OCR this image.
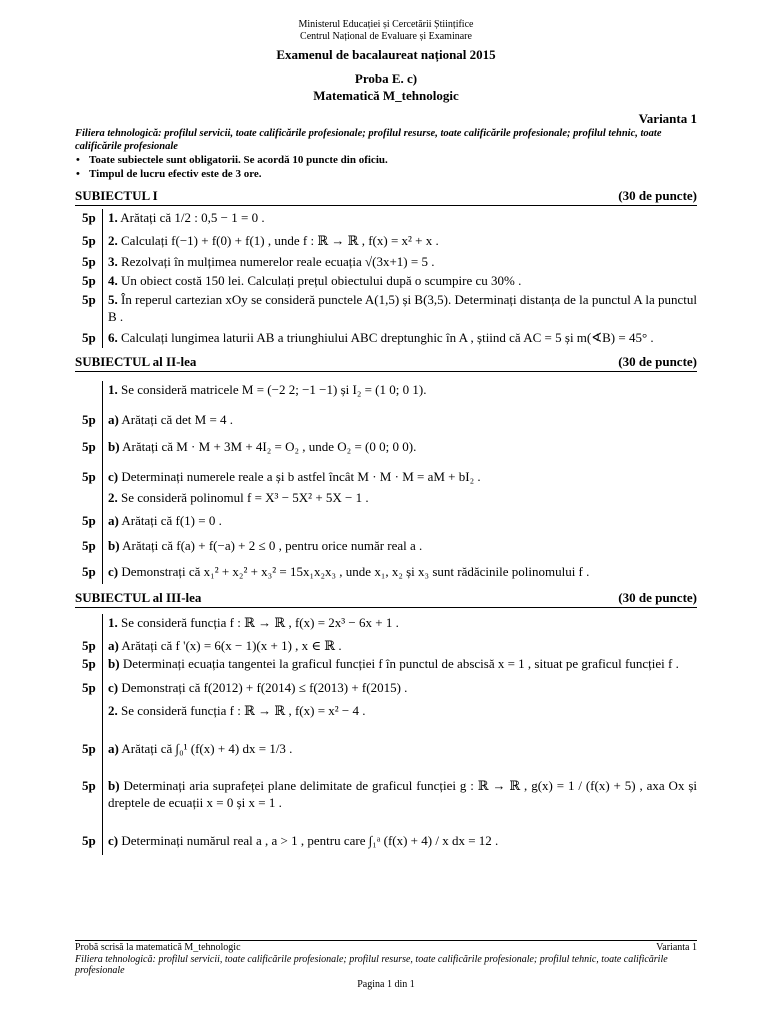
Ministerul Educației și Cercetării Științifice
Centrul Național de Evaluare și Examinare
Examenul de bacalaureat național 2015
Proba E. c)
Matematică M_tehnologic
Varianta 1
Filiera tehnologică: profilul servicii, toate calificările profesionale; profilul resurse, toate calificările profesionale; profilul tehnic, toate calificările profesionale
• Toate subiectele sunt obligatorii. Se acordă 10 puncte din oficiu.
• Timpul de lucru efectiv este de 3 ore.
SUBIECTUL I	(30 de puncte)
5p 1. Arătați că 1/2 : 0,5 − 1 = 0 .
5p 2. Calculați f(−1) + f(0) + f(1) , unde f : ℝ → ℝ , f(x) = x² + x .
5p 3. Rezolvați în mulțimea numerelor reale ecuația √(3x+1) = 5 .
5p 4. Un obiect costă 150 lei. Calculați prețul obiectului după o scumpire cu 30% .
5p 5. În reperul cartezian xOy se consideră punctele A(1,5) și B(3,5). Determinați distanța de la punctul A la punctul B .
5p 6. Calculați lungimea laturii AB a triunghiului ABC dreptunghic în A , știind că AC = 5 și m(∢B) = 45° .
SUBIECTUL al II-lea	(30 de puncte)
1. Se consideră matricele M = (−2 2; −1 −1) și I₂ = (1 0; 0 1).
5p a) Arătați că det M = 4 .
5p b) Arătați că M · M + 3M + 4I₂ = O₂ , unde O₂ = (0 0; 0 0).
5p c) Determinați numerele reale a și b astfel încât M · M · M = aM + bI₂ .
2. Se consideră polinomul f = X³ − 5X² + 5X − 1 .
5p a) Arătați că f(1) = 0 .
5p b) Arătați că f(a) + f(−a) + 2 ≤ 0 , pentru orice număr real a .
5p c) Demonstrați că x₁² + x₂² + x₃² = 15x₁x₂x₃ , unde x₁, x₂ și x₃ sunt rădăcinile polinomului f .
SUBIECTUL al III-lea	(30 de puncte)
1. Se consideră funcția f : ℝ → ℝ , f(x) = 2x³ − 6x + 1 .
5p a) Arătați că f '(x) = 6(x − 1)(x + 1) , x ∈ ℝ .
5p b) Determinați ecuația tangentei la graficul funcției f în punctul de abscisă x = 1 , situat pe graficul funcției f .
5p c) Demonstrați că f(2012) + f(2014) ≤ f(2013) + f(2015) .
2. Se consideră funcția f : ℝ → ℝ , f(x) = x² − 4 .
5p a) Arătați că ∫₀¹ (f(x) + 4) dx = 1/3 .
5p b) Determinați aria suprafeței plane delimitate de graficul funcției g : ℝ → ℝ , g(x) = 1 / (f(x) + 5) , axa Ox și dreptele de ecuații x = 0 și x = 1 .
5p c) Determinați numărul real a , a > 1 , pentru care ∫₁ᵃ (f(x) + 4) / x dx = 12 .
Probă scrisă la matematică M_tehnologic	Varianta 1
Filiera tehnologică: profilul servicii, toate calificările profesionale; profilul resurse, toate calificările profesionale; profilul tehnic, toate calificările profesionale
Pagina 1 din 1
